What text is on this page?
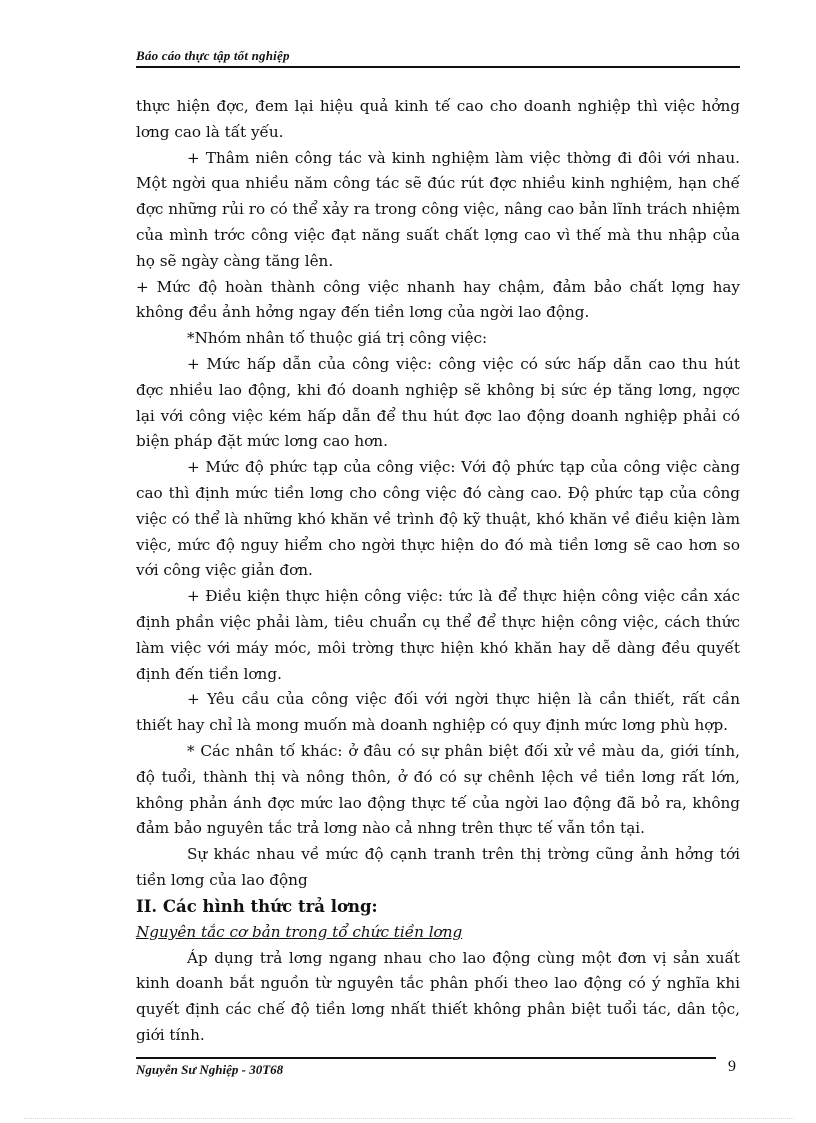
Báo cáo thực tập tốt nghiệp

thực hiện đợc, đem lại hiệu quả kinh tế cao cho doanh nghiệp thì việc hởng lơng cao là tất yếu.

+ Thâm niên công tác và kinh nghiệm làm việc thờng đi đôi với nhau. Một ngời qua nhiều năm công tác sẽ đúc rút đợc nhiều kinh nghiệm, hạn chế đợc những rủi ro có thể xảy ra trong công việc, nâng cao bản lĩnh trách nhiệm của mình trớc công việc đạt năng suất chất lợng cao vì thế mà thu nhập của họ sẽ ngày càng tăng lên.

+ Mức độ hoàn thành công việc nhanh hay chậm, đảm bảo chất lợng hay không đều ảnh hởng ngay đến tiền lơng của ngời lao động.

*Nhóm nhân tố thuộc giá trị công việc:

+ Mức hấp dẫn của công việc: công việc có sức hấp dẫn cao thu hút đợc nhiều lao động, khi đó doanh nghiệp sẽ không bị sức ép tăng lơng, ngợc lại với công việc kém hấp dẫn để thu hút đợc lao động doanh nghiệp phải có biện pháp đặt mức lơng cao hơn.

+ Mức độ phức tạp của công việc: Với độ phức tạp của công việc càng cao thì định mức tiền lơng cho công việc đó càng cao. Độ phức tạp của công việc có thể là những khó khăn về trình độ kỹ thuật, khó khăn về điều kiện làm việc, mức độ nguy hiểm cho ngời thực hiện do đó mà tiền lơng sẽ cao hơn so với công việc giản đơn.

+ Điều kiện thực hiện công việc: tức là để thực hiện công việc cần xác định phần việc phải làm, tiêu chuẩn cụ thể để thực hiện công việc, cách thức làm việc với máy móc, môi trờng thực hiện khó khăn hay dễ dàng đều quyết định đến tiền lơng.

+ Yêu cầu của công việc đối với ngời thực hiện là cần thiết, rất cần thiết hay chỉ là mong muốn mà doanh nghiệp có quy định mức lơng phù hợp.

* Các nhân tố khác: ở đâu có sự phân biệt đối xử về màu da, giới tính, độ tuổi, thành thị và nông thôn, ở đó có sự chênh lệch về tiền lơng rất lớn, không phản ánh đợc mức lao động thực tế của ngời lao động đã bỏ ra, không đảm bảo nguyên tắc trả lơng nào cả nhng trên thực tế vẫn tồn tại.

Sự khác nhau về mức độ cạnh tranh trên thị trờng cũng ảnh hởng tới tiền lơng của lao động

II. Các hình thức trả lơng:

Nguyên tắc cơ bản trong tổ chức tiền lơng

Áp dụng trả lơng ngang nhau cho lao động cùng một đơn vị sản xuất kinh doanh bắt nguồn từ nguyên tắc phân phối theo lao động có ý nghĩa khi quyết định các chế độ tiền lơng nhất thiết không phân biệt tuổi tác, dân tộc, giới tính.

Nguyễn Sư Nghiệp - 30T68	9
